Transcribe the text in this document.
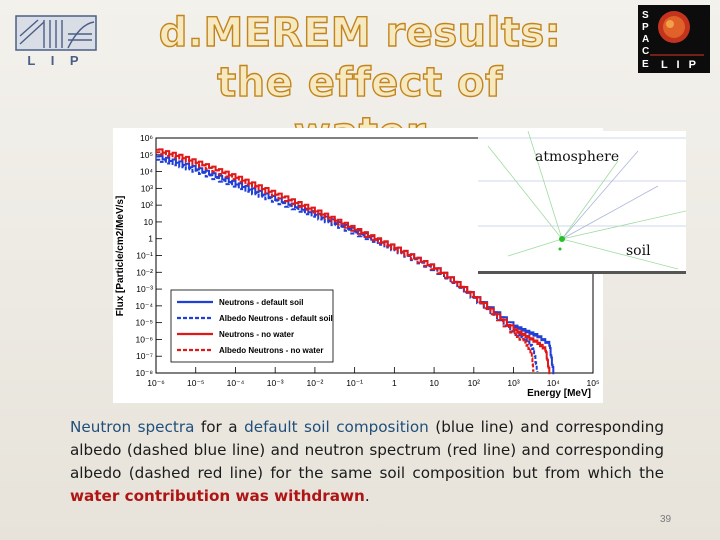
L I P
S
P
A
C
E L I P
d.MEREM results:
the effect of
10⁶
10⁵
10⁴
10³
10²
10
1
10⁻¹
10⁻²
10⁻³
10⁻⁴
10⁻⁵
10⁻⁶
10⁻⁷
10⁻⁸
10⁻⁶	10⁻⁵	10⁻⁴	10⁻³	10⁻²	10⁻¹	1	10	10²	10³	10⁴	10⁵
Neutrons - default soil
Albedo Neutrons - default soil
Neutrons - no water
Albedo Neutrons - no water
Flux [Particle/cm2/MeV/s]
Energy [MeV]
atmosphere
soil
Neutron spectra for a default soil composition (blue line) and corresponding albedo (dashed blue line) and neutron spectrum (red line) and corresponding albedo (dashed red line) for the same soil composition but from which the water contribution was withdrawn.
39
